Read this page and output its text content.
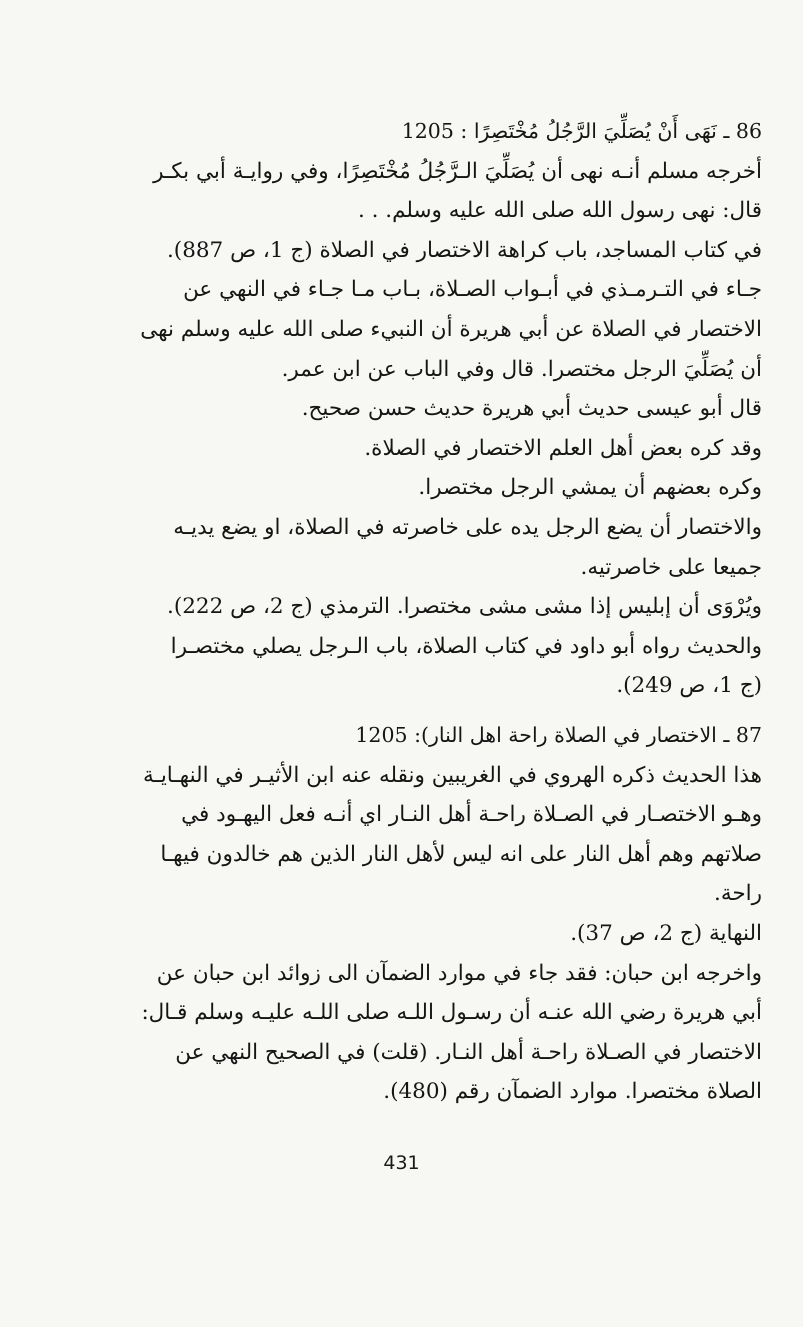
86 ـ نَهَى أَنْ يُصَلِّيَ الرَّجُلُ مُخْتَصِرًا : 1205
أخرجه مسلم أنـه نهى أن يُصَلِّيَ الـرَّجُلُ مُخْتَصِرًا، وفي روايـة أبي بكـر
قال: نهى رسول الله صلى الله عليه وسلم. . .
في كتاب المساجد، باب كراهة الاختصار في الصلاة (ج 1، ص 887).
جـاء في التـرمـذي في أبـواب الصـلاة، بـاب مـا جـاء في النهي عن
الاختصار في الصلاة عن أبي هريرة أن النبيء صلى الله عليه وسلم نهى
أن يُصَلِّيَ الرجل مختصرا. قال وفي الباب عن ابن عمر.
قال أبو عيسى حديث أبي هريرة حديث حسن صحيح.
وقد كره بعض أهل العلم الاختصار في الصلاة.
وكره بعضهم أن يمشي الرجل مختصرا.
والاختصار أن يضع الرجل يده على خاصرته في الصلاة، او يضع يديـه
جميعا على خاصرتيه.
ويُرْوَى أن إبليس إذا مشى مشى مختصرا. الترمذي (ج 2، ص 222).
والحديث رواه أبو داود في كتاب الصلاة، باب الـرجل يصلي مختصـرا
(ج 1، ص 249).
87 ـ الاختصار في الصلاة راحة اهل النار): 1205
هذا الحديث ذكره الهروي في الغريبين ونقله عنه ابن الأثيـر في النهـايـة
وهـو الاختصـار في الصـلاة راحـة أهل النـار اي أنـه فعل اليهـود في
صلاتهم وهم أهل النار على انه ليس لأهل النار الذين هم خالدون فيهـا
راحة.
النهاية (ج 2، ص 37).
واخرجه ابن حبان: فقد جاء في موارد الضمآن الى زوائد ابن حبان عن
أبي هريرة رضي الله عنـه أن رسـول اللـه صلى اللـه عليـه وسلم قـال:
الاختصار في الصـلاة راحـة أهل النـار. (قلت) في الصحيح النهي عن
الصلاة مختصرا. موارد الضمآن رقم (480).
431
